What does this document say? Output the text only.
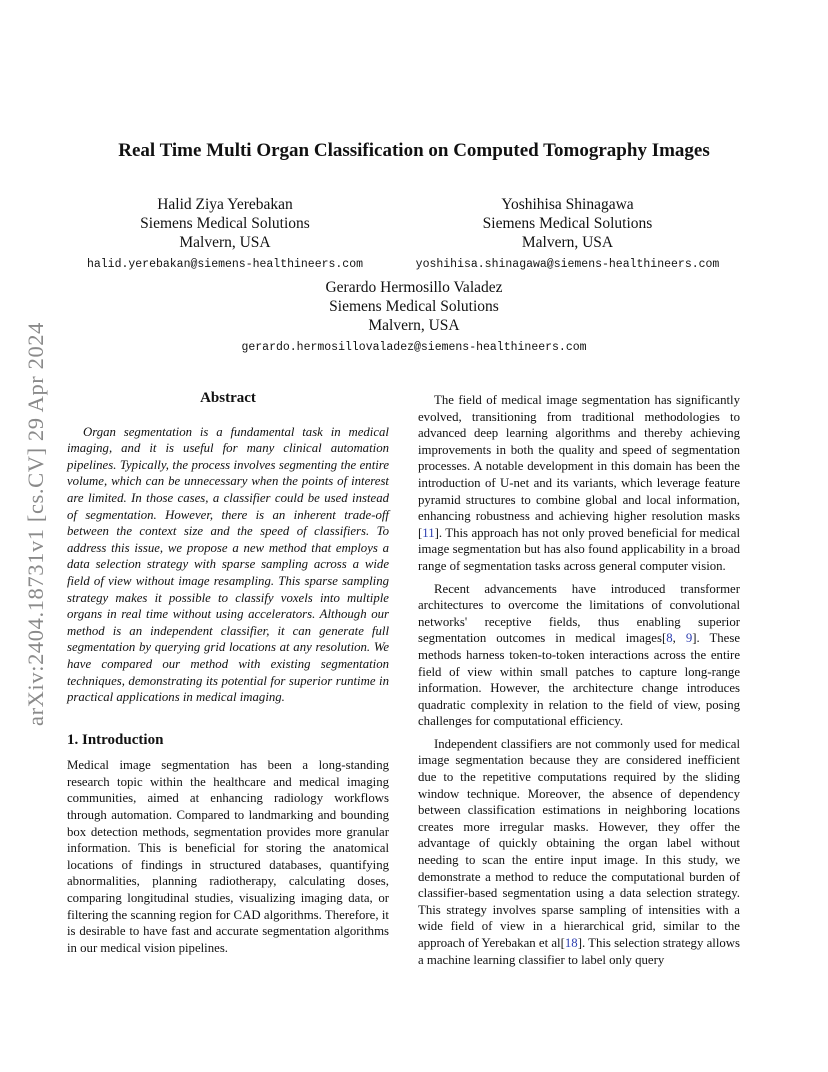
arXiv:2404.18731v1 [cs.CV] 29 Apr 2024
Real Time Multi Organ Classification on Computed Tomography Images
Halid Ziya Yerebakan
Siemens Medical Solutions
Malvern, USA
halid.yerebakan@siemens-healthineers.com
Yoshihisa Shinagawa
Siemens Medical Solutions
Malvern, USA
yoshihisa.shinagawa@siemens-healthineers.com
Gerardo Hermosillo Valadez
Siemens Medical Solutions
Malvern, USA
gerardo.hermosillovaladez@siemens-healthineers.com
Abstract

Organ segmentation is a fundamental task in medical imaging, and it is useful for many clinical automation pipelines. Typically, the process involves segmenting the entire volume, which can be unnecessary when the points of interest are limited. In those cases, a classifier could be used instead of segmentation. However, there is an inherent trade-off between the context size and the speed of classifiers. To address this issue, we propose a new method that employs a data selection strategy with sparse sampling across a wide field of view without image resampling. This sparse sampling strategy makes it possible to classify voxels into multiple organs in real time without using accelerators. Although our method is an independent classifier, it can generate full segmentation by querying grid locations at any resolution. We have compared our method with existing segmentation techniques, demonstrating its potential for superior runtime in practical applications in medical imaging.

1. Introduction

Medical image segmentation has been a long-standing research topic within the healthcare and medical imaging communities, aimed at enhancing radiology workflows through automation. Compared to landmarking and bounding box detection methods, segmentation provides more granular information. This is beneficial for storing the anatomical locations of findings in structured databases, quantifying abnormalities, planning radiotherapy, calculating doses, comparing longitudinal studies, visualizing imaging data, or filtering the scanning region for CAD algorithms. Therefore, it is desirable to have fast and accurate segmentation algorithms in our medical vision pipelines.

The field of medical image segmentation has significantly evolved, transitioning from traditional methodologies to advanced deep learning algorithms and thereby achieving improvements in both the quality and speed of segmentation processes. A notable development in this domain has been the introduction of U-net and its variants, which leverage feature pyramid structures to combine global and local information, enhancing robustness and achieving higher resolution masks [11]. This approach has not only proved beneficial for medical image segmentation but has also found applicability in a broad range of segmentation tasks across general computer vision.

Recent advancements have introduced transformer architectures to overcome the limitations of convolutional networks' receptive fields, thus enabling superior segmentation outcomes in medical images[8, 9]. These methods harness token-to-token interactions across the entire field of view within small patches to capture long-range information. However, the architecture change introduces quadratic complexity in relation to the field of view, posing challenges for computational efficiency.

Independent classifiers are not commonly used for medical image segmentation because they are considered inefficient due to the repetitive computations required by the sliding window technique. Moreover, the absence of dependency between classification estimations in neighboring locations creates more irregular masks. However, they offer the advantage of quickly obtaining the organ label without needing to scan the entire input image. In this study, we demonstrate a method to reduce the computational burden of classifier-based segmentation using a data selection strategy. This strategy involves sparse sampling of intensities with a wide field of view in a hierarchical grid, similar to the approach of Yerebakan et al[18]. This selection strategy allows a machine learning classifier to label only query
